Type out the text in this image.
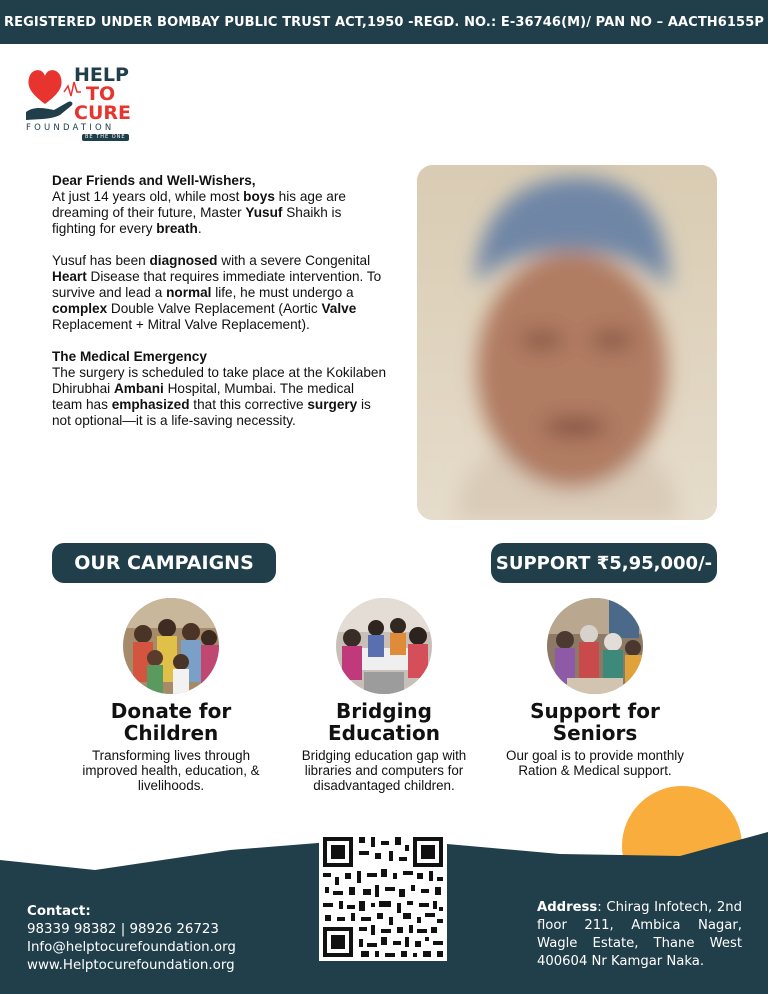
REGISTERED UNDER BOMBAY PUBLIC TRUST ACT,1950 -REGD. NO.: E-36746(M)/ PAN NO – AACTH6155P
HELP
TO
CURE
FOUNDATION
BE THE ONE

Dear Friends and Well-Wishers,
At just 14 years old, while most boys his age are dreaming of their future, Master Yusuf Shaikh is fighting for every breath.

Yusuf has been diagnosed with a severe Congenital Heart Disease that requires immediate intervention. To survive and lead a normal life, he must undergo a complex Double Valve Replacement (Aortic Valve Replacement + Mitral Valve Replacement).

The Medical Emergency
The surgery is scheduled to take place at the Kokilaben Dhirubhai Ambani Hospital, Mumbai. The medical team has emphasized that this corrective surgery is not optional—it is a life-saving necessity.

OUR CAMPAIGNS	SUPPORT ₹5,95,000/-
Donate for
Children
Transforming lives through improved health, education, & livelihoods.
Bridging
Education
Bridging education gap with libraries and computers for disadvantaged children.
Support for
Seniors
Our goal is to provide monthly Ration & Medical support.
Contact:
98339 98382 | 98926 26723
Info@helptocurefoundation.org
www.Helptocurefoundation.org
Address: Chirag Infotech, 2nd floor 211, Ambica Nagar, Wagle Estate, Thane West 400604 Nr Kamgar Naka.
